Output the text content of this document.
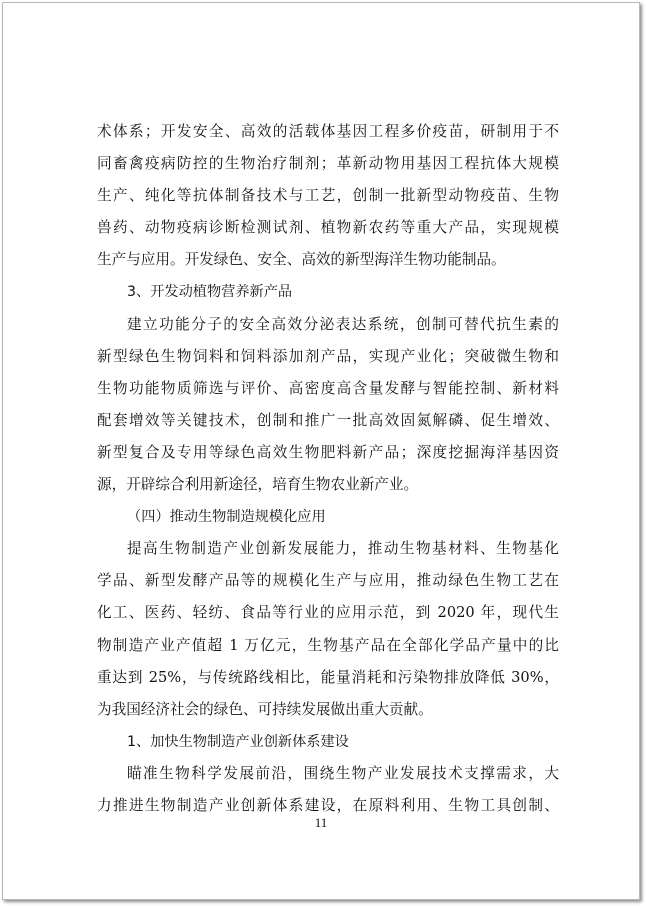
术体系；开发安全、高效的活载体基因工程多价疫苗，研制用于不
同畜禽疫病防控的生物治疗制剂；革新动物用基因工程抗体大规模
生产、纯化等抗体制备技术与工艺，创制一批新型动物疫苗、生物
兽药、动物疫病诊断检测试剂、植物新农药等重大产品，实现规模
生产与应用。开发绿色、安全、高效的新型海洋生物功能制品。
3、开发动植物营养新产品
建立功能分子的安全高效分泌表达系统，创制可替代抗生素的
新型绿色生物饲料和饲料添加剂产品，实现产业化；突破微生物和
生物功能物质筛选与评价、高密度高含量发酵与智能控制、新材料
配套增效等关键技术，创制和推广一批高效固氮解磷、促生增效、
新型复合及专用等绿色高效生物肥料新产品；深度挖掘海洋基因资
源，开辟综合利用新途径，培育生物农业新产业。
（四）推动生物制造规模化应用
提高生物制造产业创新发展能力，推动生物基材料、生物基化
学品、新型发酵产品等的规模化生产与应用，推动绿色生物工艺在
化工、医药、轻纺、食品等行业的应用示范，到 2020 年，现代生
物制造产业产值超 1 万亿元，生物基产品在全部化学品产量中的比
重达到 25%，与传统路线相比，能量消耗和污染物排放降低 30%，
为我国经济社会的绿色、可持续发展做出重大贡献。
1、加快生物制造产业创新体系建设
瞄准生物科学发展前沿，围绕生物产业发展技术支撑需求，大
力推进生物制造产业创新体系建设，在原料利用、生物工具创制、
11
